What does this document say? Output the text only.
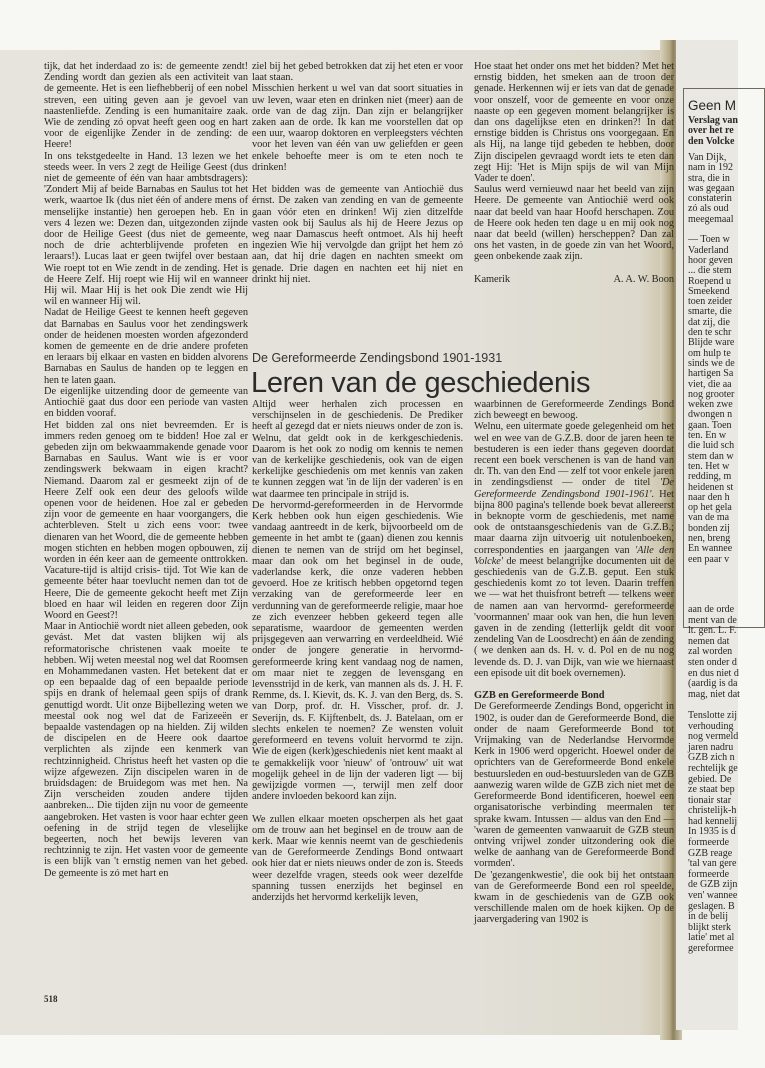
tijk, dat het inderdaad zo is: de gemeente zendt! Zending wordt dan gezien als een activiteit van de gemeente. Het is een liefhebberij of een nobel streven, een uiting geven aan je gevoel van naastenliefde. Zending is een humanitaire zaak. Wie de zending zó opvat heeft geen oog en hart voor de eigenlijke Zender in de zending: de Heere!

In ons tekstgedeelte in Hand. 13 lezen we het steeds weer. In vers 2 zegt de Heilige Geest (dus niet de gemeente of één van haar ambtsdragers): 'Zondert Mij af beide Barnabas en Saulus tot het werk, waartoe Ik (dus niet één of andere mens of menselijke instantie) hen geroepen heb. En in vers 4 lezen we: Dezen dan, uitgezonden zijnde door de Heilige Geest (dus niet de gemeente, noch de drie achterblijvende profeten en leraars!). Lucas laat er geen twijfel over bestaan Wie roept tot en Wie zendt in de zending. Het is de Heere Zelf. Hij roept wie Hij wil en wanneer Hij wil. Maar Hij is het ook Die zendt wie Hij wil en wanneer Hij wil.

Nadat de Heilige Geest te kennen heeft gegeven dat Barnabas en Saulus voor het zendingswerk onder de heidenen moesten worden afgezonderd komen de gemeente en de drie andere profeten en leraars bij elkaar en vasten en bidden alvorens Barnabas en Saulus de handen op te leggen en hen te laten gaan.

De eigenlijke uitzending door de gemeente van Antiochië gaat dus door een periode van vasten en bidden vooraf.

Het bidden zal ons niet bevreemden. Er is immers reden genoeg om te bidden! Hoe zal er gebeden zijn om bekwaammakende genade voor Barnabas en Saulus. Want wie is er voor zendingswerk bekwaam in eigen kracht? Niemand. Daarom zal er gesmeekt zijn of de Heere Zelf ook een deur des geloofs wilde openen voor de heidenen. Hoe zal er gebeden zijn voor de gemeente en haar voorgangers, die achterbleven. Stelt u zich eens voor: twee dienaren van het Woord, die de gemeente hebben mogen stichten en hebben mogen opbouwen, zij worden in één keer aan de gemeente onttrokken. Vacature-tijd is altijd crisis- tijd. Tot Wie kan de gemeente béter haar toevlucht nemen dan tot de Heere, Die de gemeente gekocht heeft met Zijn bloed en haar wil leiden en regeren door Zijn Woord en Geest?!

Maar in Antiochië wordt niet alleen gebeden, ook gevást. Met dat vasten blijken wij als reformatorische christenen vaak moeite te hebben. Wij weten meestal nog wel dat Roomsen en Mohammedanen vasten. Het betekent dat er op een bepaalde dag of een bepaalde periode spijs en drank of helemaal geen spijs of drank genuttigd wordt. Uit onze Bijbellezing weten we meestal ook nog wel dat de Farizeeën er bepaalde vastendagen op na hielden. Zij wilden de discipelen en de Heere ook daartoe verplichten als zijnde een kenmerk van rechtzinnigheid. Christus heeft het vasten op die wijze afgewezen. Zijn discipelen waren in de bruidsdagen: de Bruidegom was met hen. Na Zijn verscheiden zouden andere tijden aanbreken... Die tijden zijn nu voor de gemeente aangebroken. Het vasten is voor haar echter geen oefening in de strijd tegen de vleselijke begeerten, noch het bewijs leveren van rechtzinnig te zijn. Het vasten voor de gemeente is een blijk van 't ernstig nemen van het gebed. De gemeente is zó met hart en

518

ziel bij het gebed betrokken dat zij het eten er voor laat staan.

Misschien herkent u wel van dat soort situaties in uw leven, waar eten en drinken niet (meer) aan de orde van de dag zijn. Dan zijn er belangrijker zaken aan de orde. Ik kan me voorstellen dat op een uur, waarop doktoren en verpleegsters véchten voor het leven van één van uw geliefden er geen enkele behoefte meer is om te eten noch te drinken!

Het bidden was de gemeente van Antiochië dus érnst. De zaken van zending en van de gemeente gaan vóór eten en drinken! Wij zien ditzelfde vasten ook bij Saulus als hij de Heere Jezus op weg naar Damascus heeft ontmoet. Als hij heeft ingezien Wie hij vervolgde dan grijpt het hem zó aan, dat hij drie dagen en nachten smeekt om genade. Drie dagen en nachten eet hij niet en drinkt hij niet.

Hoe staat het onder ons met het bidden? Met het ernstig bidden, het smeken aan de troon der genade. Herkennen wij er iets van dat de genade voor onszelf, voor de gemeente en voor onze naaste op een gegeven moment belangrijker is dan ons dagelijkse eten en drinken?! In dat ernstige bidden is Christus ons voorgegaan. En als Hij, na lange tijd gebeden te hebben, door Zijn discipelen gevraagd wordt iets te eten dan zegt Hij: 'Het is Mijn spijs de wil van Mijn Vader te doen'.

Saulus werd vernieuwd naar het beeld van zijn Heere. De gemeente van Antiochië werd ook naar dat beeld van haar Hoofd herschapen. Zou de Heere ook heden ten dage u en mij ook nog naar dat beeld (willen) herscheppen? Dan zal ons het vasten, in de goede zin van het Woord, geen onbekende zaak zijn.

Kamerik	A. A. W. Boon

waarbinnen de Gereformeerde Zendings Bond zich beweegt en bewoog.

Welnu, een uitermate goede gelegenheid om het wel en wee van de G.Z.B. door de jaren heen te bestuderen is een ieder thans gegeven doordat recent een boek verschenen is van de hand van dr. Th. van den End — zelf tot voor enkele jaren in zendingsdienst — onder de titel 'De Gereformeerde Zendingsbond 1901-1961'. Het bijna 800 pagina's tellende boek bevat allereerst in beknopte vorm de geschiedenis, met name ook de ontstaansgeschiedenis van de G.Z.B.; maar daarna zijn uitvoerig uit notulenboeken, correspondenties en jaargangen van 'Alle den Volcke' de meest belangrijke documenten uit de geschiedenis van de G.Z.B. geput. Een stuk geschiedenis komt zo tot leven. Daarin treffen we — wat het thuisfront betreft — telkens weer de namen aan van hervormd- gereformeerde 'voormannen' maar ook van hen, die hun leven gaven in de zending (letterlijk geldt dit voor zendeling Van de Loosdrecht) en áán de zending ( we denken aan ds. H. v. d. Pol en de nu nog levende ds. D. J. van Dijk, van wie we hiernaast een episode uit dit boek overnemen).

GZB en Gereformeerde Bond

De Gereformeerde Zendings Bond, opgericht in 1902, is ouder dan de Gereformeerde Bond, die onder de naam Gereformeerde Bond tot Vrijmaking van de Nederlandse Hervormde Kerk in 1906 werd opgericht. Hoewel onder de oprichters van de Gereformeerde Bond enkele bestuursleden en oud-bestuursleden van de GZB aanwezig waren wilde de GZB zich niet met de Gereformeerde Bond identificeren, hoewel een organisatorische verbinding meermalen ter sprake kwam. Intussen — aldus van den End — 'waren de gemeenten vanwaaruit de GZB steun ontving vrijwel zonder uitzondering ook die welke de aanhang van de Gereformeerde Bond vormden'.

De 'gezangenkwestie', die ook bij het ontstaan van de Gereformeerde Bond een rol speelde, kwam in de geschiedenis van de GZB ook verschillende malen om de hoek kijken. Op de jaarvergadering van 1902 is

De Gereformeerde Zendingsbond 1901-1931
Leren van de geschiedenis

Altijd weer herhalen zich processen en verschijnselen in de geschiedenis. De Prediker heeft al gezegd dat er niets nieuws onder de zon is. Welnu, dat geldt ook in de kerkgeschiedenis. Daarom is het ook zo nodig om kennis te nemen van de kerkelijke geschiedenis, ook van de eigen kerkelijke geschiedenis om met kennis van zaken te kunnen zeggen wat 'in de lijn der vaderen' is en wat daarmee ten principale in strijd is.

De hervormd-gereformeerden in de Hervormde Kerk hebben ook hun eigen geschiedenis. Wie vandaag aantreedt in de kerk, bijvoorbeeld om de gemeente in het ambt te (gaan) dienen zou kennis dienen te nemen van de strijd om het beginsel, maar dan ook om het beginsel in de oude, vaderlandse kerk, die onze vaderen hebben gevoerd. Hoe ze kritisch hebben opgetornd tegen verzaking van de gereformeerde leer en verdunning van de gereformeerde religie, maar hoe ze zich evenzeer hebben gekeerd tegen alle separatisme, waardoor de gemeenten werden prijsgegeven aan verwarring en verdeeldheid. Wié onder de jongere generatie in hervormd-gereformeerde kring kent vandaag nog de namen, om maar niet te zeggen de levensgang en levensstrijd in de kerk, van mannen als ds. J. H. F. Remme, ds. I. Kievit, ds. K. J. van den Berg, ds. S. van Dorp, prof. dr. H. Visscher, prof. dr. J. Severijn, ds. F. Kijftenbelt, ds. J. Batelaan, om er slechts enkelen te noemen? Ze wensten voluit gereformeerd en tevens voluit hervormd te zijn. Wie de eigen (kerk)geschiedenis niet kent maakt al te gemakkelijk voor 'nieuw' of 'ontrouw' uit wat mogelijk geheel in de lijn der vaderen ligt — bij gewijzigde vormen —, terwijl men zelf door andere invloeden bekoord kan zijn.

We zullen elkaar moeten opscherpen als het gaat om de trouw aan het beginsel en de trouw aan de kerk. Maar wie kennis neemt van de geschiedenis van de Gereformeerde Zendings Bond ontwaart ook hier dat er niets nieuws onder de zon is. Steeds weer dezelfde vragen, steeds ook weer dezelfde spanning tussen enerzijds het beginsel en anderzijds het hervormd kerkelijk leven,

Geen M
Verslag van
over het re
den Volcke
Van Dijk,
nam in 192
stra, die in
was gegaan
constaterin
zó als oud
meegemaal
— Toen w
Vaderland
hoor geven
... die stem
Roepend u
Smeekend
toen zeider
smarte, die
dat zij, die
den te schr
Blijde ware
om hulp te
sinds we de
hartigen Sa
viet, die aa
nog grooter
weken zwe
dwongen n
gaan. Toen
ten. En w
die luid sch
stem dan w
ten. Het w
redding, m
heidenen st
naar den h
op het gela
van de ma
bonden zij
nen, breng
En wannee
een paar v
aan de orde
ment van de
lt. gen. L. F.
nemen dat
zal worden
sten onder d
en dus niet d
(aardig is da
mag, niet dat
Tenslotte zij
verhouding
nog vermeld
jaren nadru
GZB zich n
rechtelijk ge
gebied. De
ze staat bep
tionair star
christelijk-h
had kennelij
In 1935 is d
formeerde
GZB reage
'tal van gere
formeerde
de GZB zijn
ven' wannee
geslagen. B
in de belij
blijkt sterk
latie' met al
gereformee
